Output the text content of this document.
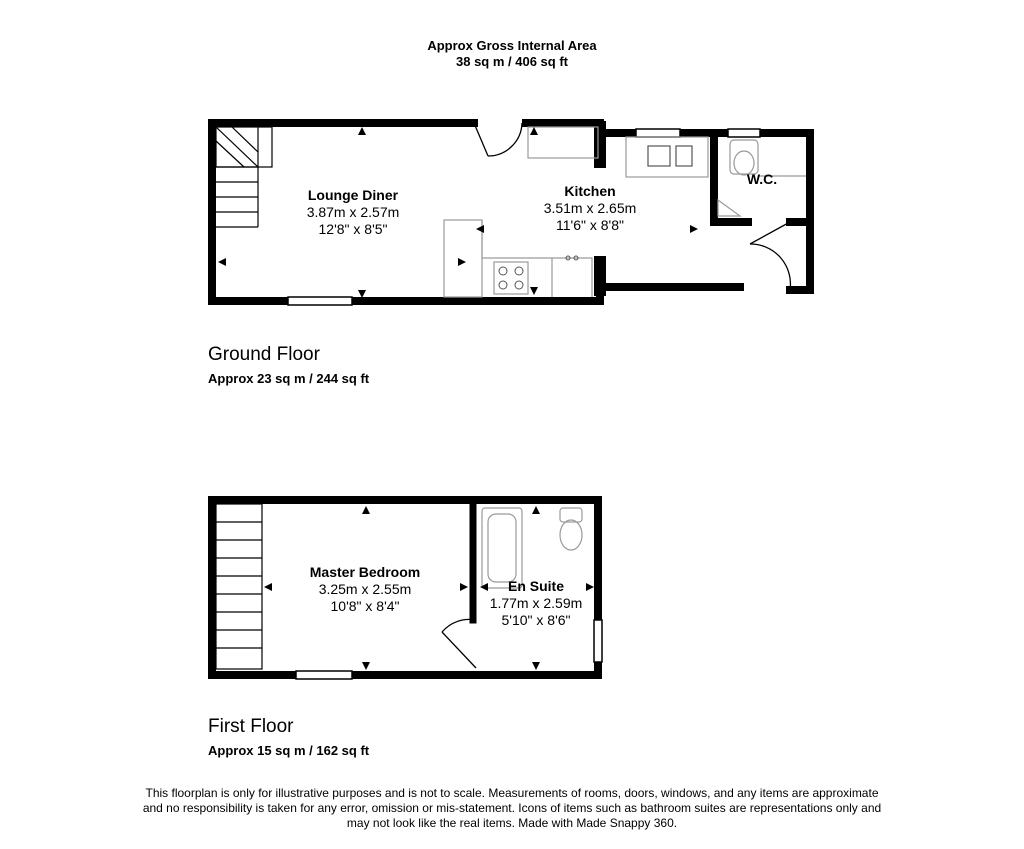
Approx Gross Internal Area
38 sq m / 406 sq ft
Lounge Diner
3.87m x 2.57m
12'8" x 8'5"
Kitchen
3.51m x 2.65m
11'6" x 8'8"
W.C.
Ground Floor
Approx 23 sq m / 244 sq ft
Master Bedroom
3.25m x 2.55m
10'8" x 8'4"
En Suite
1.77m x 2.59m
5'10" x 8'6"
First Floor
Approx 15 sq m / 162 sq ft
This floorplan is only for illustrative purposes and is not to scale. Measurements of rooms, doors, windows, and any items are approximate
and no responsibility is taken for any error, omission or mis-statement. Icons of items such as bathroom suites are representations only and
may not look like the real items. Made with Made Snappy 360.
